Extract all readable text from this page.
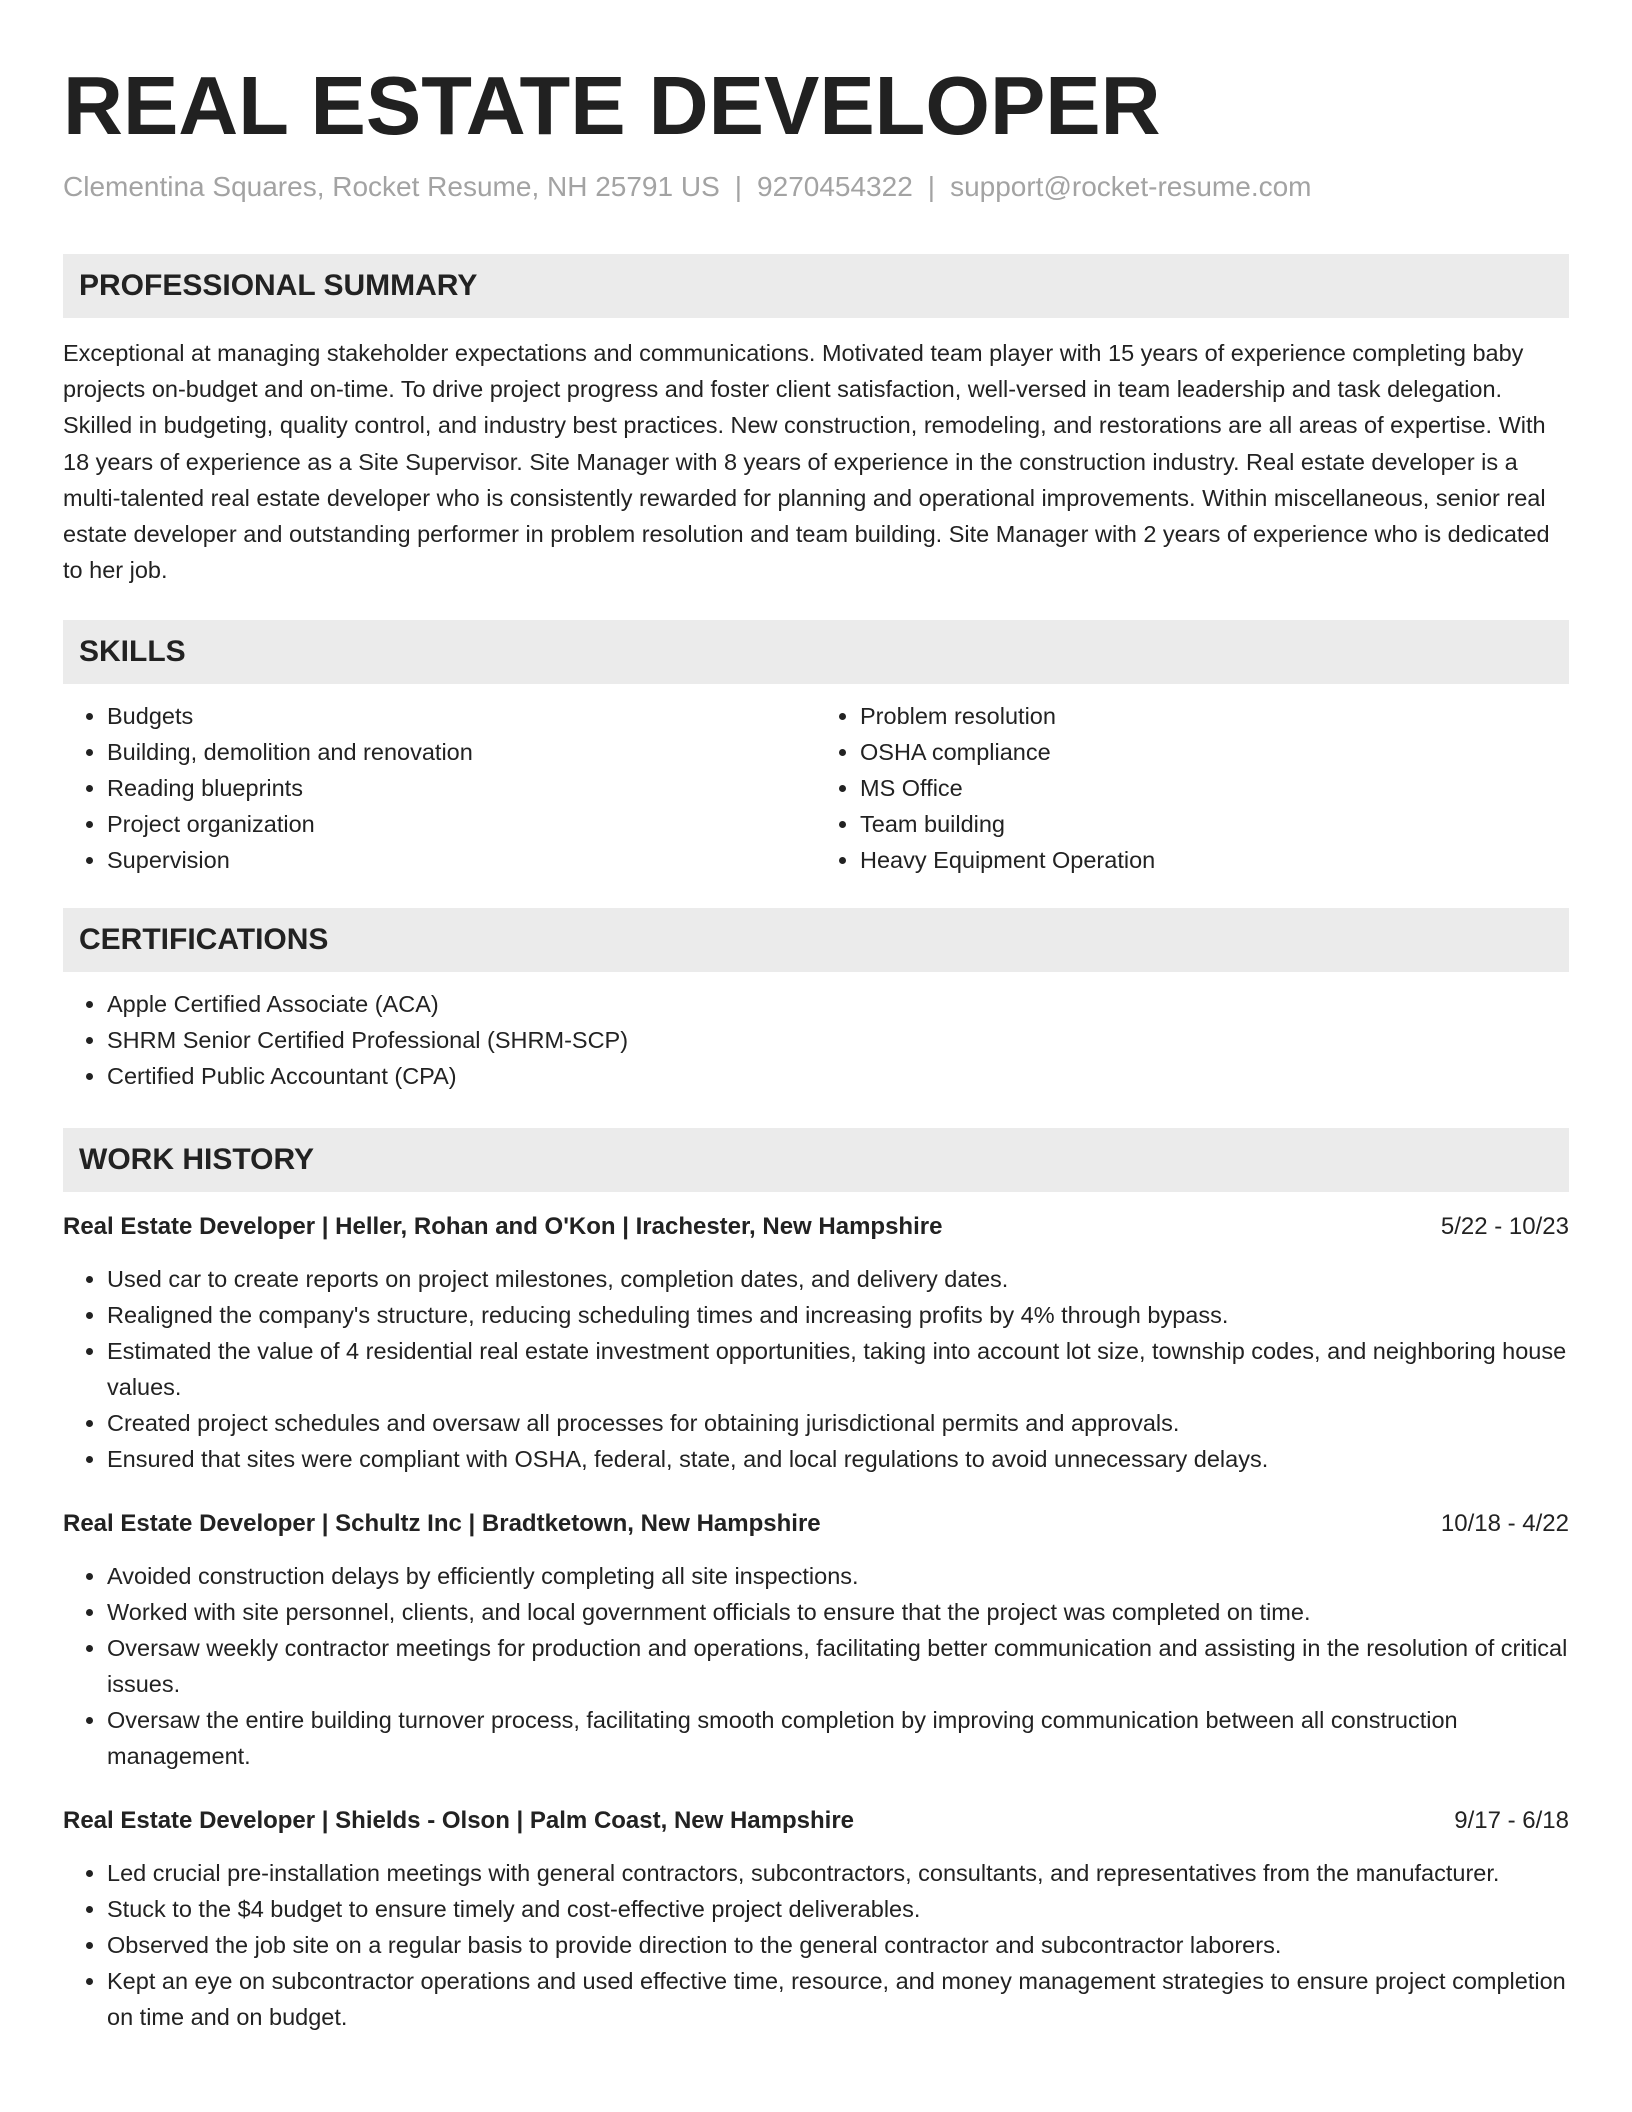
REAL ESTATE DEVELOPER
Clementina Squares, Rocket Resume, NH 25791 US | 9270454322 | support@rocket-resume.com
PROFESSIONAL SUMMARY
Exceptional at managing stakeholder expectations and communications. Motivated team player with 15 years of experience completing baby projects on-budget and on-time. To drive project progress and foster client satisfaction, well-versed in team leadership and task delegation. Skilled in budgeting, quality control, and industry best practices. New construction, remodeling, and restorations are all areas of expertise. With 18 years of experience as a Site Supervisor. Site Manager with 8 years of experience in the construction industry. Real estate developer is a multi-talented real estate developer who is consistently rewarded for planning and operational improvements. Within miscellaneous, senior real estate developer and outstanding performer in problem resolution and team building. Site Manager with 2 years of experience who is dedicated to her job.
SKILLS
• Budgets
• Building, demolition and renovation
• Reading blueprints
• Project organization
• Supervision
• Problem resolution
• OSHA compliance
• MS Office
• Team building
• Heavy Equipment Operation
CERTIFICATIONS
• Apple Certified Associate (ACA)
• SHRM Senior Certified Professional (SHRM-SCP)
• Certified Public Accountant (CPA)
WORK HISTORY
Real Estate Developer | Heller, Rohan and O'Kon | Irachester, New Hampshire	5/22 - 10/23
• Used car to create reports on project milestones, completion dates, and delivery dates.
• Realigned the company's structure, reducing scheduling times and increasing profits by 4% through bypass.
• Estimated the value of 4 residential real estate investment opportunities, taking into account lot size, township codes, and neighboring house values.
• Created project schedules and oversaw all processes for obtaining jurisdictional permits and approvals.
• Ensured that sites were compliant with OSHA, federal, state, and local regulations to avoid unnecessary delays.
Real Estate Developer | Schultz Inc | Bradtketown, New Hampshire	10/18 - 4/22
• Avoided construction delays by efficiently completing all site inspections.
• Worked with site personnel, clients, and local government officials to ensure that the project was completed on time.
• Oversaw weekly contractor meetings for production and operations, facilitating better communication and assisting in the resolution of critical issues.
• Oversaw the entire building turnover process, facilitating smooth completion by improving communication between all construction management.
Real Estate Developer | Shields - Olson | Palm Coast, New Hampshire	9/17 - 6/18
• Led crucial pre-installation meetings with general contractors, subcontractors, consultants, and representatives from the manufacturer.
• Stuck to the $4 budget to ensure timely and cost-effective project deliverables.
• Observed the job site on a regular basis to provide direction to the general contractor and subcontractor laborers.
• Kept an eye on subcontractor operations and used effective time, resource, and money management strategies to ensure project completion on time and on budget.
